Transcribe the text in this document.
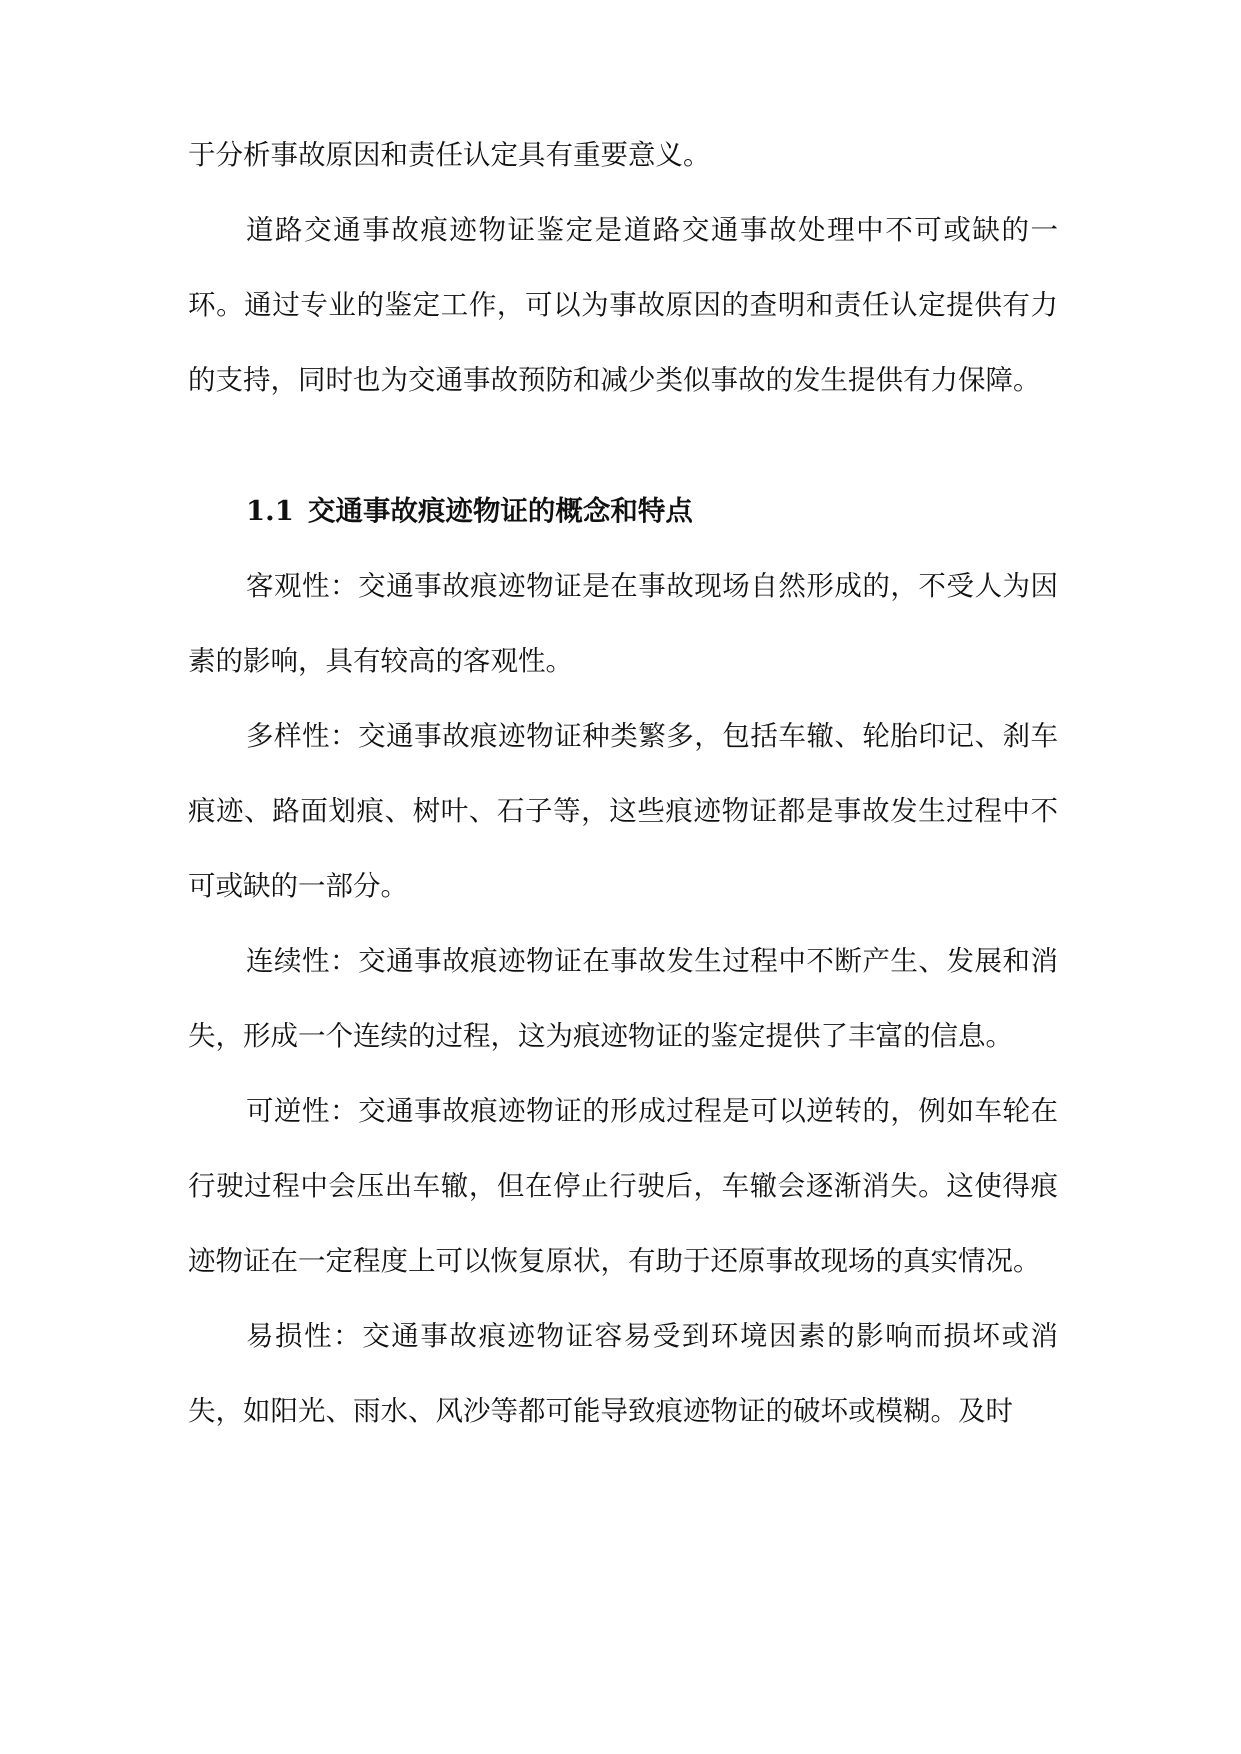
于分析事故原因和责任认定具有重要意义。

道路交通事故痕迹物证鉴定是道路交通事故处理中不可或缺的一环。通过专业的鉴定工作，可以为事故原因的查明和责任认定提供有力的支持，同时也为交通事故预防和减少类似事故的发生提供有力保障。

1.1 交通事故痕迹物证的概念和特点

客观性：交通事故痕迹物证是在事故现场自然形成的，不受人为因素的影响，具有较高的客观性。

多样性：交通事故痕迹物证种类繁多，包括车辙、轮胎印记、刹车痕迹、路面划痕、树叶、石子等，这些痕迹物证都是事故发生过程中不可或缺的一部分。

连续性：交通事故痕迹物证在事故发生过程中不断产生、发展和消失，形成一个连续的过程，这为痕迹物证的鉴定提供了丰富的信息。

可逆性：交通事故痕迹物证的形成过程是可以逆转的，例如车轮在行驶过程中会压出车辙，但在停止行驶后，车辙会逐渐消失。这使得痕迹物证在一定程度上可以恢复原状，有助于还原事故现场的真实情况。

易损性：交通事故痕迹物证容易受到环境因素的影响而损坏或消失，如阳光、雨水、风沙等都可能导致痕迹物证的破坏或模糊。及时
